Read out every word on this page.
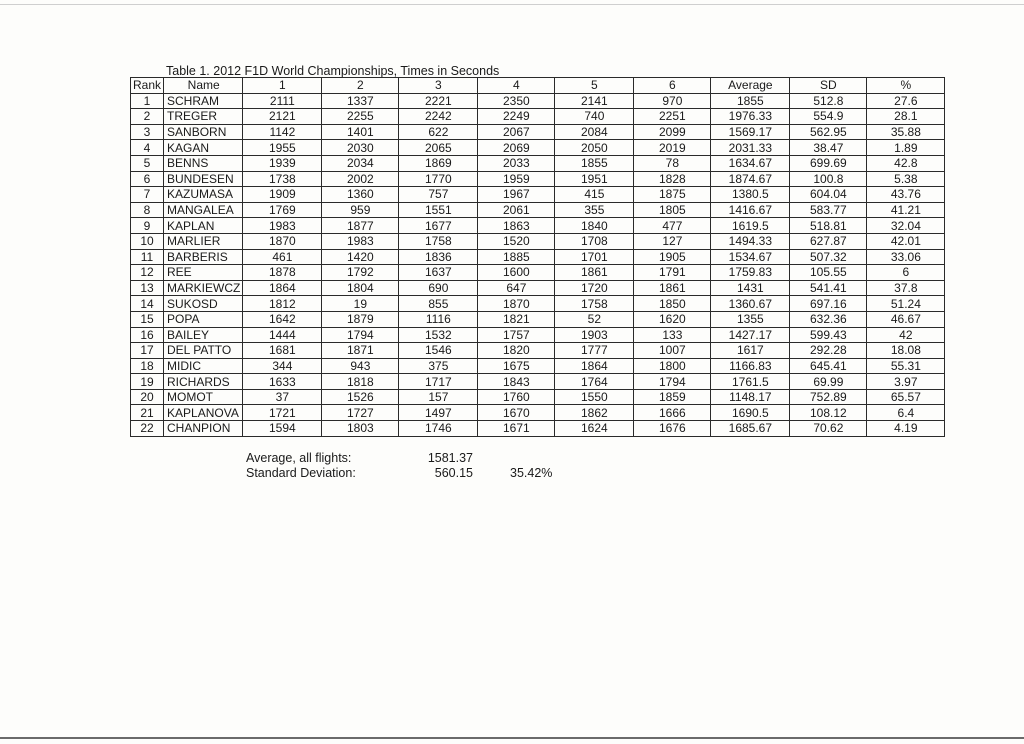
Table 1. 2012 F1D World Championships, Times in Seconds
Rank	Name	1	2	3	4	5	6	Average	SD	%
1	SCHRAM	2111	1337	2221	2350	2141	970	1855	512.8	27.6
2	TREGER	2121	2255	2242	2249	740	2251	1976.33	554.9	28.1
3	SANBORN	1142	1401	622	2067	2084	2099	1569.17	562.95	35.88
4	KAGAN	1955	2030	2065	2069	2050	2019	2031.33	38.47	1.89
5	BENNS	1939	2034	1869	2033	1855	78	1634.67	699.69	42.8
6	BUNDESEN	1738	2002	1770	1959	1951	1828	1874.67	100.8	5.38
7	KAZUMASA	1909	1360	757	1967	415	1875	1380.5	604.04	43.76
8	MANGALEA	1769	959	1551	2061	355	1805	1416.67	583.77	41.21
9	KAPLAN	1983	1877	1677	1863	1840	477	1619.5	518.81	32.04
10	MARLIER	1870	1983	1758	1520	1708	127	1494.33	627.87	42.01
11	BARBERIS	461	1420	1836	1885	1701	1905	1534.67	507.32	33.06
12	REE	1878	1792	1637	1600	1861	1791	1759.83	105.55	6
13	MARKIEWCZ	1864	1804	690	647	1720	1861	1431	541.41	37.8
14	SUKOSD	1812	19	855	1870	1758	1850	1360.67	697.16	51.24
15	POPA	1642	1879	1116	1821	52	1620	1355	632.36	46.67
16	BAILEY	1444	1794	1532	1757	1903	133	1427.17	599.43	42
17	DEL PATTO	1681	1871	1546	1820	1777	1007	1617	292.28	18.08
18	MIDIC	344	943	375	1675	1864	1800	1166.83	645.41	55.31
19	RICHARDS	1633	1818	1717	1843	1764	1794	1761.5	69.99	3.97
20	MOMOT	37	1526	157	1760	1550	1859	1148.17	752.89	65.57
21	KAPLANOVA	1721	1727	1497	1670	1862	1666	1690.5	108.12	6.4
22	CHANPION	1594	1803	1746	1671	1624	1676	1685.67	70.62	4.19
Average, all flights:	1581.37
Standard Deviation:	560.15	35.42%
